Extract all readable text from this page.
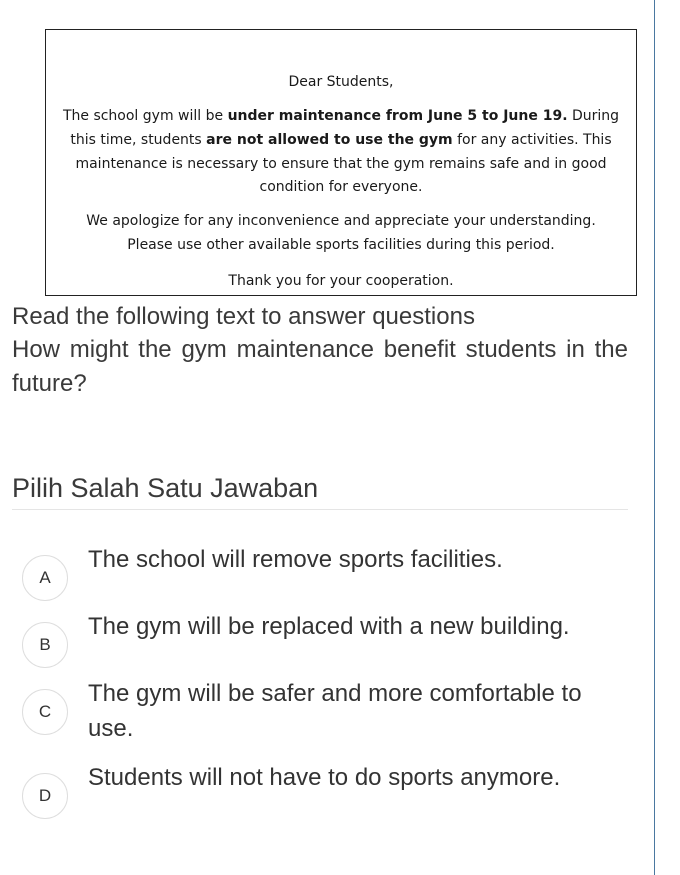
Dear Students,
The school gym will be under maintenance from June 5 to June 19. During this time, students are not allowed to use the gym for any activities. This maintenance is necessary to ensure that the gym remains safe and in good condition for everyone.
We apologize for any inconvenience and appreciate your understanding. Please use other available sports facilities during this period.
Thank you for your cooperation.
Read the following text to answer questions
How might the gym maintenance benefit students in the future?
Pilih Salah Satu Jawaban
A
The school will remove sports facilities.
B
The gym will be replaced with a new building.
C
The gym will be safer and more comfortable to use.
D
Students will not have to do sports anymore.
